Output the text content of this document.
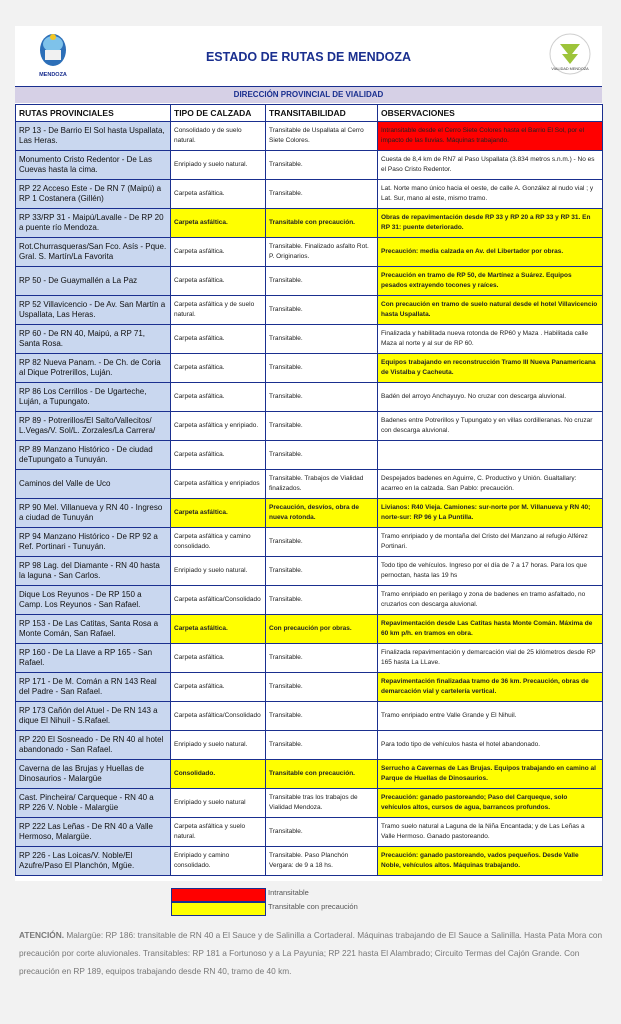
MENDOZA
ESTADO DE RUTAS DE MENDOZA
VIALIDAD MENDOZA
DIRECCIÓN PROVINCIAL DE VIALIDAD
RUTAS PROVINCIALES	TIPO DE CALZADA	TRANSITABILIDAD	OBSERVACIONES
RP 13 - De Barrio El Sol hasta Uspallata, Las Heras.	Consolidado y de suelo natural.	Transitable de Uspallata al Cerro Siete Colores.	Intransitable desde el Cerro Siete Colores hasta el Barrio El Sol, por el impacto de las lluvias. Máquinas trabajando.
Monumento Cristo Redentor - De Las Cuevas hasta la cima.	Enripiado y suelo natural.	Transitable.	Cuesta de 8,4 km de RN7 al Paso Uspallata (3.834 metros s.n.m.) - No es el Paso Cristo Redentor.
RP 22 Acceso Este - De RN 7 (Maipú) a RP 1 Costanera (Gillén)	Carpeta asfáltica.	Transitable.	Lat. Norte mano único hacia el oeste, de calle A. González al nudo vial ; y Lat. Sur, mano al este, mismo tramo.
RP 33/RP 31 - Maipú/Lavalle - De RP 20 a puente río Mendoza.	Carpeta asfáltica.	Transitable con precaución.	Obras de repavimentación desde RP 33 y RP 20 a RP 33 y RP 31. En RP 31: puente deteriorado.
Rot.Churrasqueras/San Fco. Asís - Pque. Gral. S. Martín/La Favorita	Carpeta asfáltica.	Transitable. Finalizado asfalto Rot. P. Originarios.	Precaución: media calzada en Av. del Libertador por obras.
RP 50 - De Guaymallén a La Paz	Carpeta asfáltica.	Transitable.	Precaución en tramo de RP 50, de Martínez a Suárez. Equipos pesados extrayendo tocones y raíces.
RP 52 Villavicencio - De Av. San Martín a Uspallata, Las Heras.	Carpeta asfáltica y de suelo natural.	Transitable.	Con precaución en tramo de suelo natural desde el hotel Villavicencio hasta Uspallata.
RP 60 - De RN 40, Maipú, a RP 71, Santa Rosa.	Carpeta asfáltica.	Transitable.	Finalizada y habilitada nueva rotonda de RP60 y Maza . Habilitada calle Maza al norte y al sur de RP 60.
RP 82 Nueva Panam. - De Ch. de Coria al Dique Potrerillos, Luján.	Carpeta asfáltica.	Transitable.	Equipos trabajando en reconstrucción Tramo III Nueva Panamericana de Vistalba y Cacheuta.
RP 86 Los Cerrillos - De Ugarteche, Luján, a Tupungato.	Carpeta asfáltica.	Transitable.	Badén del arroyo Anchayuyo. No cruzar con descarga aluvional.
RP 89 - Potrerillos/El Salto/Vallecitos/ L.Vegas/V. Sol/L. Zorzales/La Carrera/	Carpeta asfáltica y enripiado.	Transitable.	Badenes entre Potrerillos y Tupungato y en villas cordilleranas. No cruzar con descarga aluvional.
RP 89 Manzano Histórico - De ciudad deTupungato a Tunuyán.	Carpeta asfáltica.	Transitable.	
Caminos del Valle de Uco	Carpeta asfáltica y enripiados	Transitable. Trabajos de Vialidad finalizados.	Despejados badenes en Aguirre, C. Productivo y Unión. Gualtallary: acarreo en la calzada. San Pablo: precaución.
RP 90 Mel. Villanueva y RN 40 - Ingreso a ciudad de Tunuyán	Carpeta asfáltica.	Precaución, desvíos, obra de nueva rotonda.	Livianos: R40 Vieja. Camiones: sur-norte por M. Villanueva y RN 40; norte-sur: RP 96 y La Puntilla.
RP 94 Manzano Histórico - De RP 92 a Ref. Portinari - Tunuyán.	Carpeta asfáltica y camino consolidado.	Transitable.	Tramo enripiado y de montaña del Cristo del Manzano al refugio Alférez Portinari.
RP 98 Lag. del Diamante - RN 40 hasta la laguna - San Carlos.	Enripiado y suelo natural.	Transitable.	Todo tipo de vehículos. Ingreso por el día de 7 a 17 horas. Para los que pernoctan, hasta las 19 hs
Dique Los Reyunos - De RP 150 a Camp. Los Reyunos - San Rafael.	Carpeta asfáltica/Consolidado	Transitable.	Tramo enripiado en perilago y zona de badenes en tramo asfaltado, no cruzarlos con descarga aluvional.
RP 153 - De Las Catitas, Santa Rosa a Monte Comán, San Rafael.	Carpeta asfáltica.	Con precaución por obras.	Repavimentación desde Las Catitas hasta Monte Comán. Máxima de 60 km p/h. en tramos en obra.
RP 160 - De La Llave a RP 165 - San Rafael.	Carpeta asfáltica.	Transitable.	Finalizada repavimentación y demarcación vial de 25 kilómetros desde RP 165 hasta La LLave.
RP 171 - De M. Comán a RN 143 Real del Padre - San Rafael.	Carpeta asfáltica.	Transitable.	Repavimentación finalizadaa tramo de 36 km. Precaución, obras de demarcación vial y cartelería vertical.
RP 173 Cañón del Atuel - De RN 143 a dique El Nihuil - S.Rafael.	Carpeta asfáltica/Consolidado	Transitable.	Tramo enripiado entre Valle Grande y El Nihuil.
RP 220 El Sosneado - De RN 40 al hotel abandonado - San Rafael.	Enripiado y suelo natural.	Transitable.	Para todo tipo de vehículos hasta el hotel abandonado.
Caverna de las Brujas y Huellas de Dinosaurios - Malargüe	Consolidado.	Transitable con precaución.	Serrucho a Cavernas de Las Brujas. Equipos trabajando en camino al Parque de Huellas de Dinosaurios.
Cast. Pincheira/ Carqueque - RN 40 a RP 226 V. Noble - Malargüe	Enripiado y suelo natural	Transitable tras los trabajos de Vialidad Mendoza.	Precaución: ganado pastoreando; Paso del Carqueque, solo vehículos altos, cursos de agua, barrancos profundos.
RP 222 Las Leñas - De RN 40 a Valle Hermoso, Malargüe.	Carpeta asfáltica y suelo natural.	Transitable.	Tramo suelo natural a Laguna de la Niña Encantada; y de Las Leñas a Valle Hermoso. Ganado pastoreando.
RP 226 - Las Loicas/V. Noble/El Azufre/Paso El Planchón, Mgüe.	Enripiado y camino consolidado.	Transitable. Paso Planchón Vergara: de 9 a 18 hs.	Precaución: ganado pastoreando, vados pequeños. Desde Valle Noble, vehículos altos. Máquinas trabajando.
Intransitable
Transitable con precaución
ATENCIÓN. Malargüe: RP 186: transitable de RN 40 a El Sauce y de Salinilla a Cortaderal. Máquinas trabajando de El Sauce a Salinilla. Hasta Pata Mora con precaución por corte aluvionales. Transitables: RP 181 a Fortunoso y a La Payunia; RP 221 hasta El Alambrado; Circuito Termas del Cajón Grande. Con precaución en RP 189, equipos trabajando desde RN 40, tramo de 40 km.
